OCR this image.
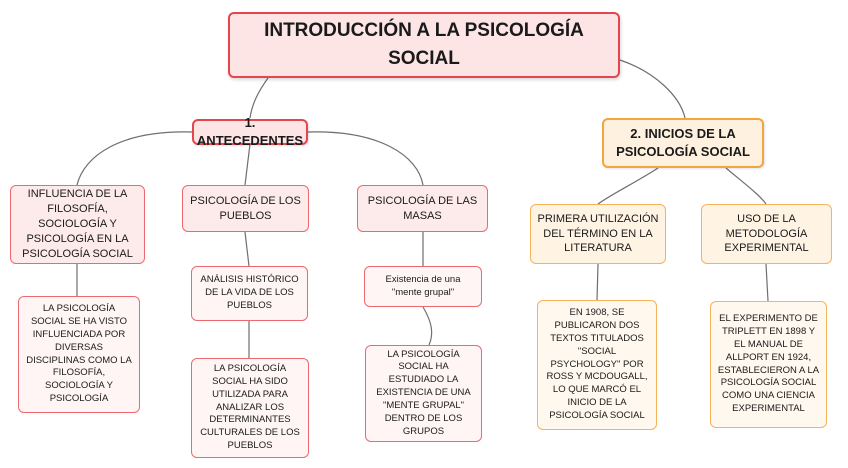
INTRODUCCIÓN A LA PSICOLOGÍA SOCIAL
1. ANTECEDENTES	2. INICIOS DE LA PSICOLOGÍA SOCIAL
INFLUENCIA DE LA FILOSOFÍA, SOCIOLOGÍA Y PSICOLOGÍA EN LA PSICOLOGÍA SOCIAL
PSICOLOGÍA DE LOS PUEBLOS
PSICOLOGÍA DE LAS MASAS
LA PSICOLOGÍA SOCIAL SE HA VISTO INFLUENCIADA POR DIVERSAS DISCIPLINAS COMO LA FILOSOFÍA, SOCIOLOGÍA Y PSICOLOGÍA
ANÁLISIS HISTÓRICO DE LA VIDA DE LOS PUEBLOS
LA PSICOLOGÍA SOCIAL HA SIDO UTILIZADA PARA ANALIZAR LOS DETERMINANTES CULTURALES DE LOS PUEBLOS
Existencia de una "mente grupal"
LA PSICOLOGÍA SOCIAL HA ESTUDIADO LA EXISTENCIA DE UNA "MENTE GRUPAL" DENTRO DE LOS GRUPOS
PRIMERA UTILIZACIÓN DEL TÉRMINO EN LA LITERATURA
USO DE LA METODOLOGÍA EXPERIMENTAL
EN 1908, SE PUBLICARON DOS TEXTOS TITULADOS "SOCIAL PSYCHOLOGY" POR ROSS Y MCDOUGALL, LO QUE MARCÓ EL INICIO DE LA PSICOLOGÍA SOCIAL
EL EXPERIMENTO DE TRIPLETT EN 1898 Y EL MANUAL DE ALLPORT EN 1924, ESTABLECIERON A LA PSICOLOGÍA SOCIAL COMO UNA CIENCIA EXPERIMENTAL
